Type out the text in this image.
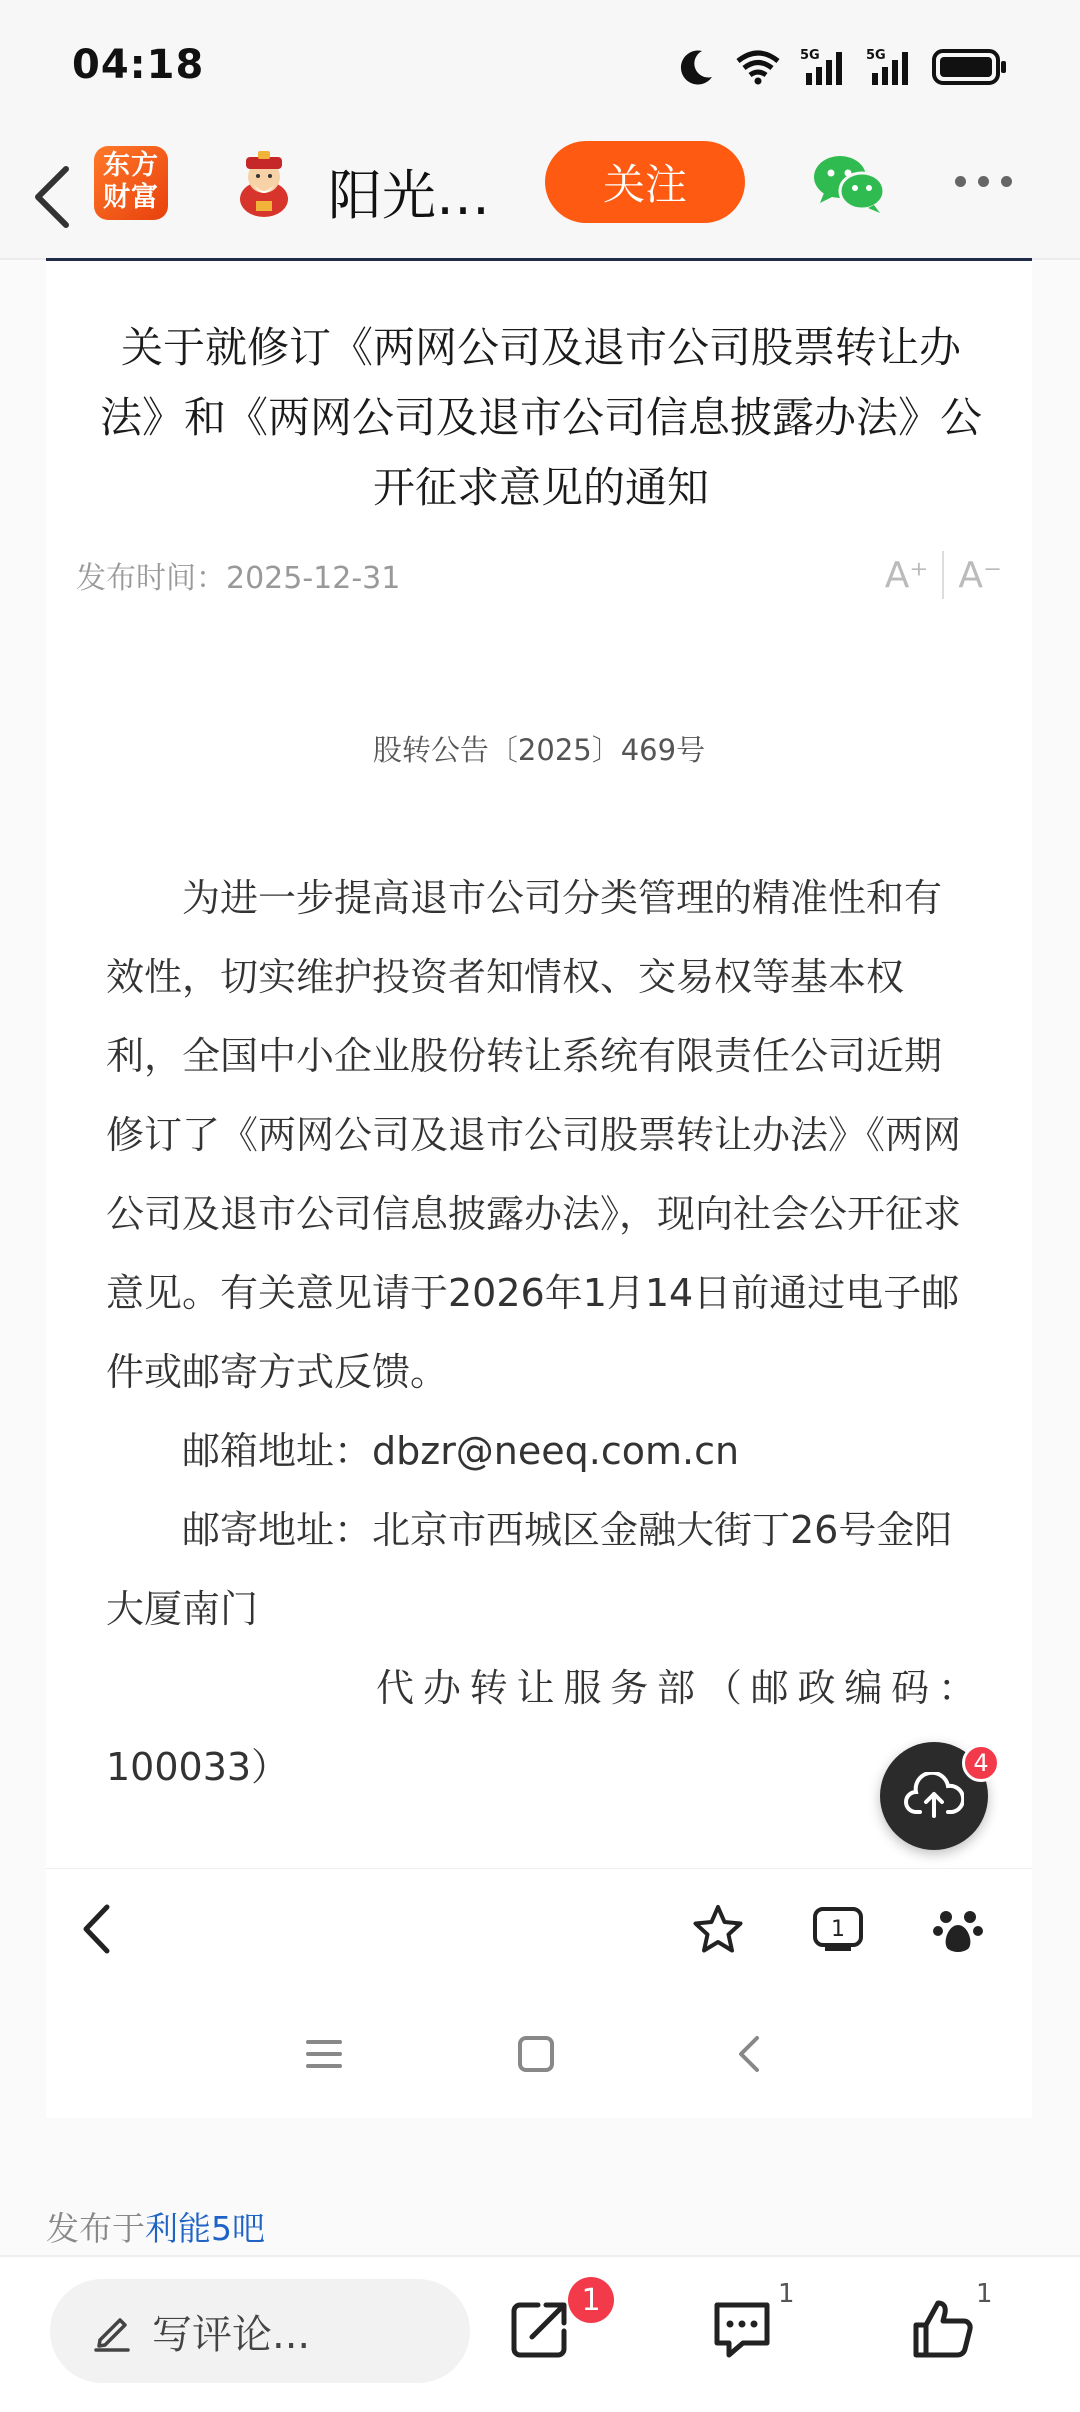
04:18	5G	5G
东方财富	阳光…	关注
关于就修订《两网公司及退市公司股票转让办法》和《两网公司及退市公司信息披露办法》公开征求意见的通知
发布时间：2025-12-31	A⁺ A⁻
股转公告〔2025〕469号

为进一步提高退市公司分类管理的精准性和有效性，切实维护投资者知情权、交易权等基本权利，全国中小企业股份转让系统有限责任公司近期修订了《两网公司及退市公司股票转让办法》《两网公司及退市公司信息披露办法》，现向社会公开征求意见。有关意见请于2026年1月14日前通过电子邮件或邮寄方式反馈。

邮箱地址：dbzr@neeq.com.cn

邮寄地址：北京市西城区金融大街丁26号金阳大厦南门

代办转让服务部（邮政编码：

100033）	4
1
发布于利能5吧
写评论...
1	1	1
